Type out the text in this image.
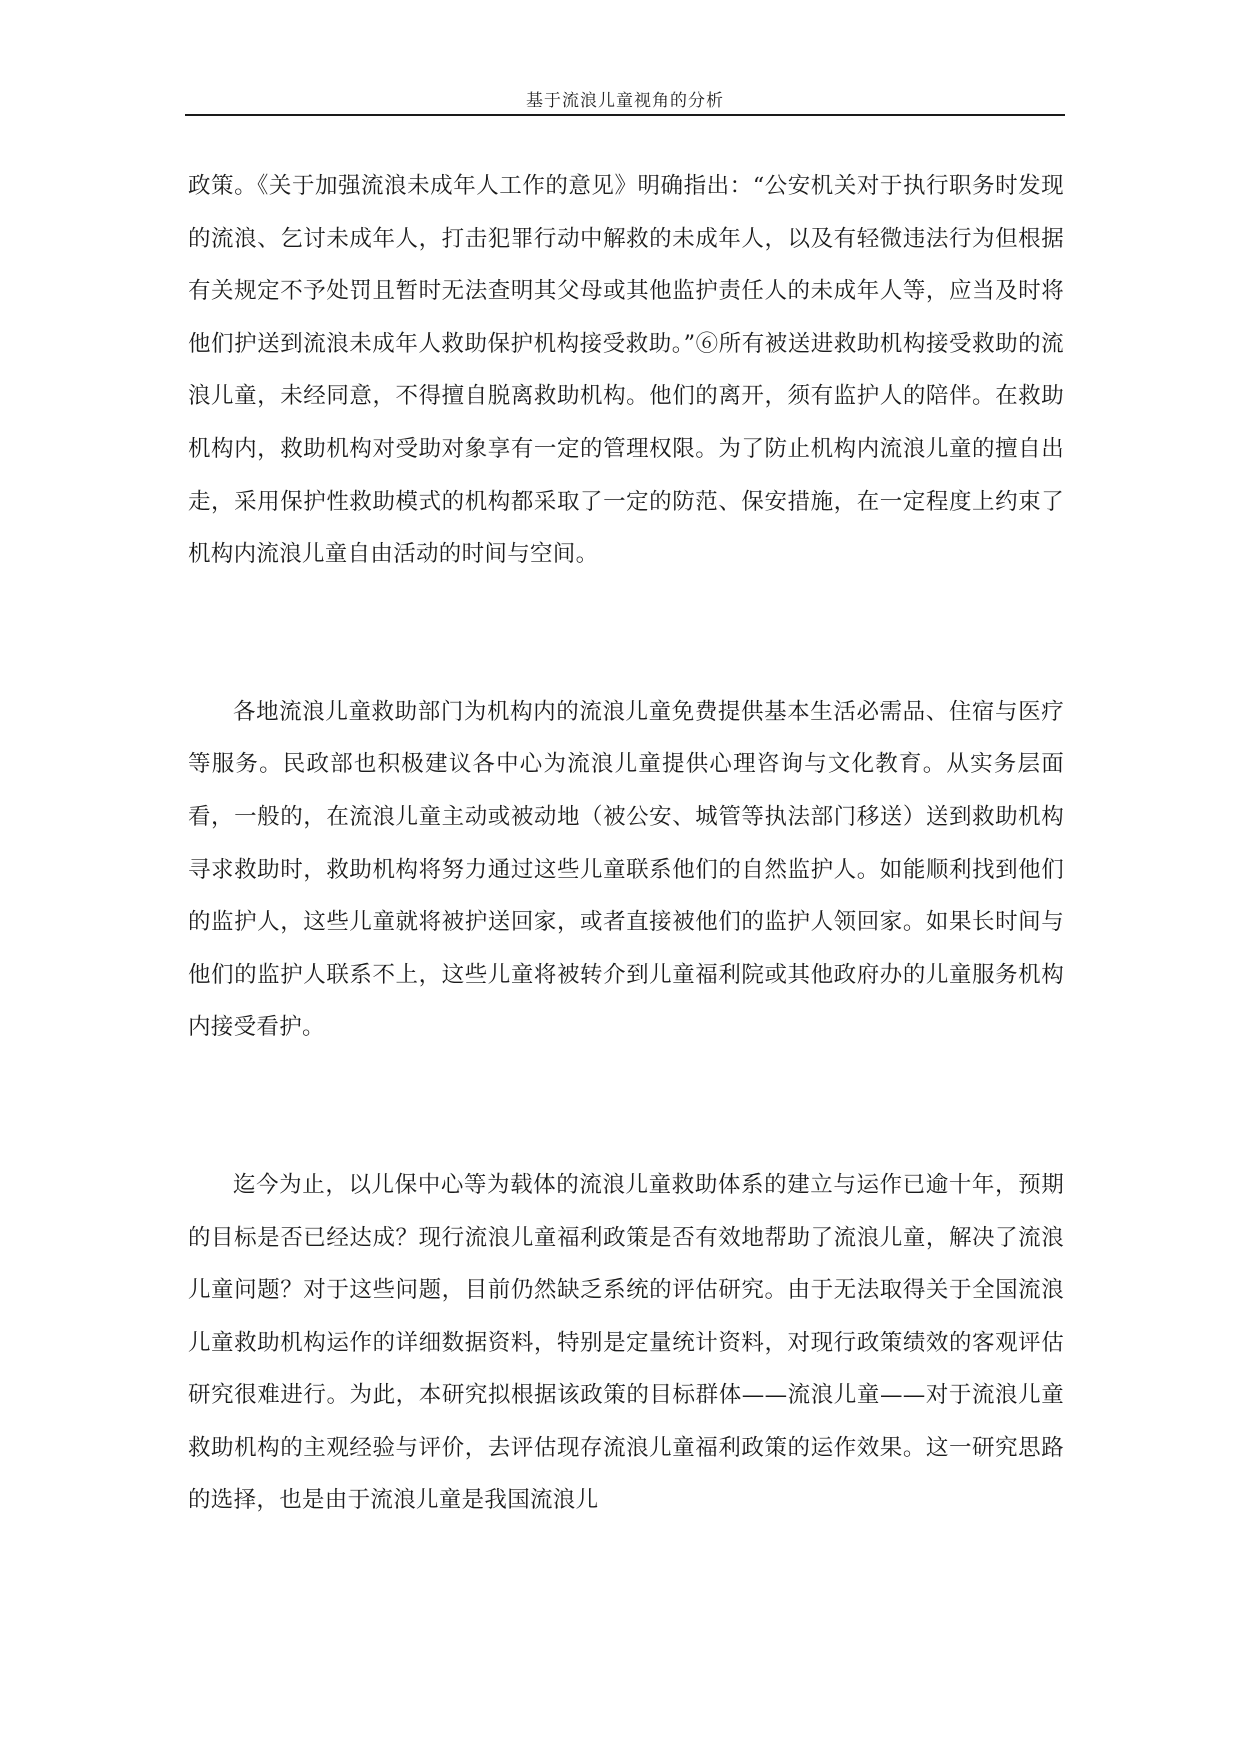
基于流浪儿童视角的分析

政策。《关于加强流浪未成年人工作的意见》明确指出：“公安机关对于执行职务时发现的流浪、乞讨未成年人，打击犯罪行动中解救的未成年人，以及有轻微违法行为但根据有关规定不予处罚且暂时无法查明其父母或其他监护责任人的未成年人等，应当及时将他们护送到流浪未成年人救助保护机构接受救助。”⑥所有被送进救助机构接受救助的流浪儿童，未经同意，不得擅自脱离救助机构。他们的离开，须有监护人的陪伴。在救助机构内，救助机构对受助对象享有一定的管理权限。为了防止机构内流浪儿童的擅自出走，采用保护性救助模式的机构都采取了一定的防范、保安措施，在一定程度上约束了机构内流浪儿童自由活动的时间与空间。

各地流浪儿童救助部门为机构内的流浪儿童免费提供基本生活必需品、住宿与医疗等服务。民政部也积极建议各中心为流浪儿童提供心理咨询与文化教育。从实务层面看，一般的，在流浪儿童主动或被动地（被公安、城管等执法部门移送）送到救助机构寻求救助时，救助机构将努力通过这些儿童联系他们的自然监护人。如能顺利找到他们的监护人，这些儿童就将被护送回家，或者直接被他们的监护人领回家。如果长时间与他们的监护人联系不上，这些儿童将被转介到儿童福利院或其他政府办的儿童服务机构内接受看护。

迄今为止，以儿保中心等为载体的流浪儿童救助体系的建立与运作已逾十年，预期的目标是否已经达成？现行流浪儿童福利政策是否有效地帮助了流浪儿童，解决了流浪儿童问题？对于这些问题，目前仍然缺乏系统的评估研究。由于无法取得关于全国流浪儿童救助机构运作的详细数据资料，特别是定量统计资料，对现行政策绩效的客观评估研究很难进行。为此，本研究拟根据该政策的目标群体——流浪儿童——对于流浪儿童救助机构的主观经验与评价，去评估现存流浪儿童福利政策的运作效果。这一研究思路的选择，也是由于流浪儿童是我国流浪儿
